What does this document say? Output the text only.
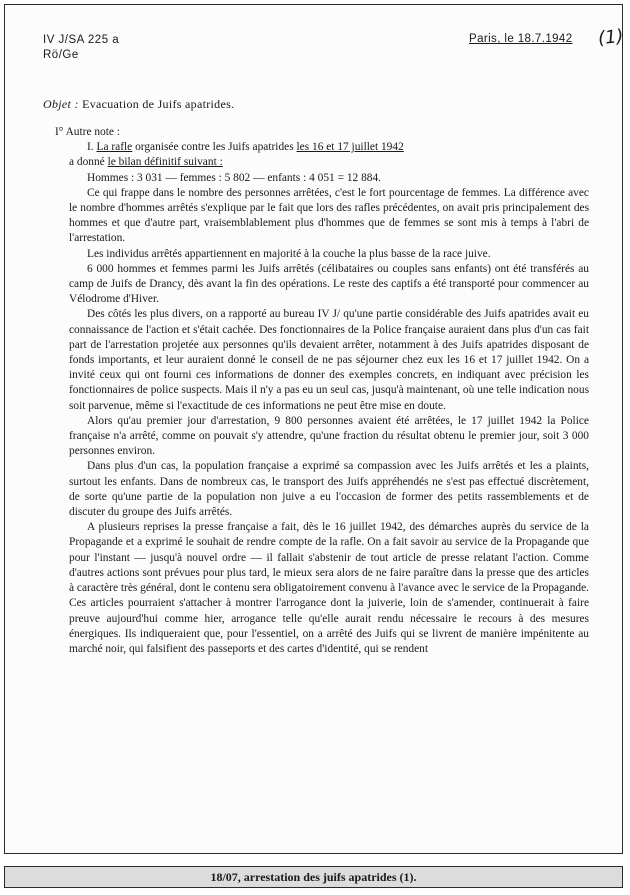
IV J/SA 225 a
Rö/Ge
Paris, le 18.7.1942 (1)
Objet : Evacuation de Juifs apatrides.

I° Autre note :

I. La rafle organisée contre les Juifs apatrides les 16 et 17 juillet 1942

a donné le bilan définitif suivant :

Hommes : 3 031 — femmes : 5 802 — enfants : 4 051 = 12 884.

Ce qui frappe dans le nombre des personnes arrêtées, c'est le fort pourcentage de femmes. La différence avec le nombre d'hommes arrêtés s'explique par le fait que lors des rafles précédentes, on avait pris principalement des hommes et que d'autre part, vraisemblablement plus d'hommes que de femmes se sont mis à temps à l'abri de l'arrestation.

Les individus arrêtés appartiennent en majorité à la couche la plus basse de la race juive.

6 000 hommes et femmes parmi les Juifs arrêtés (célibataires ou couples sans enfants) ont été transférés au camp de Juifs de Drancy, dès avant la fin des opérations. Le reste des captifs a été transporté pour commencer au Vélodrome d'Hiver.

Des côtés les plus divers, on a rapporté au bureau IV J/ qu'une partie considérable des Juifs apatrides avait eu connaissance de l'action et s'était cachée. Des fonctionnaires de la Police française auraient dans plus d'un cas fait part de l'arrestation projetée aux personnes qu'ils devaient arrêter, notamment à des Juifs apatrides disposant de fonds importants, et leur auraient donné le conseil de ne pas séjourner chez eux les 16 et 17 juillet 1942. On a invité ceux qui ont fourni ces informations de donner des exemples concrets, en indiquant avec précision les fonctionnaires de police suspects. Mais il n'y a pas eu un seul cas, jusqu'à maintenant, où une telle indication nous soit parvenue, même si l'exactitude de ces informations ne peut être mise en doute.

Alors qu'au premier jour d'arrestation, 9 800 personnes avaient été arrêtées, le 17 juillet 1942 la Police française n'a arrêté, comme on pouvait s'y attendre, qu'une fraction du résultat obtenu le premier jour, soit 3 000 personnes environ.

Dans plus d'un cas, la population française a exprimé sa compassion avec les Juifs arrêtés et les a plaints, surtout les enfants. Dans de nombreux cas, le transport des Juifs appréhendés ne s'est pas effectué discrètement, de sorte qu'une partie de la population non juive a eu l'occasion de former des petits rassemblements et de discuter du groupe des Juifs arrêtés.

A plusieurs reprises la presse française a fait, dès le 16 juillet 1942, des démarches auprès du service de la Propagande et a exprimé le souhait de rendre compte de la rafle. On a fait savoir au service de la Propagande que pour l'instant — jusqu'à nouvel ordre — il fallait s'abstenir de tout article de presse relatant l'action. Comme d'autres actions sont prévues pour plus tard, le mieux sera alors de ne faire paraître dans la presse que des articles à caractère très général, dont le contenu sera obligatoirement convenu à l'avance avec le service de la Propagande. Ces articles pourraient s'attacher à montrer l'arrogance dont la juiverie, loin de s'amender, continuerait à faire preuve aujourd'hui comme hier, arrogance telle qu'elle aurait rendu nécessaire le recours à des mesures énergiques. Ils indiqueraient que, pour l'essentiel, on a arrêté des Juifs qui se livrent de manière impénitente au marché noir, qui falsifient des passeports et des cartes d'identité, qui se rendent

18/07, arrestation des juifs apatrides (1).
